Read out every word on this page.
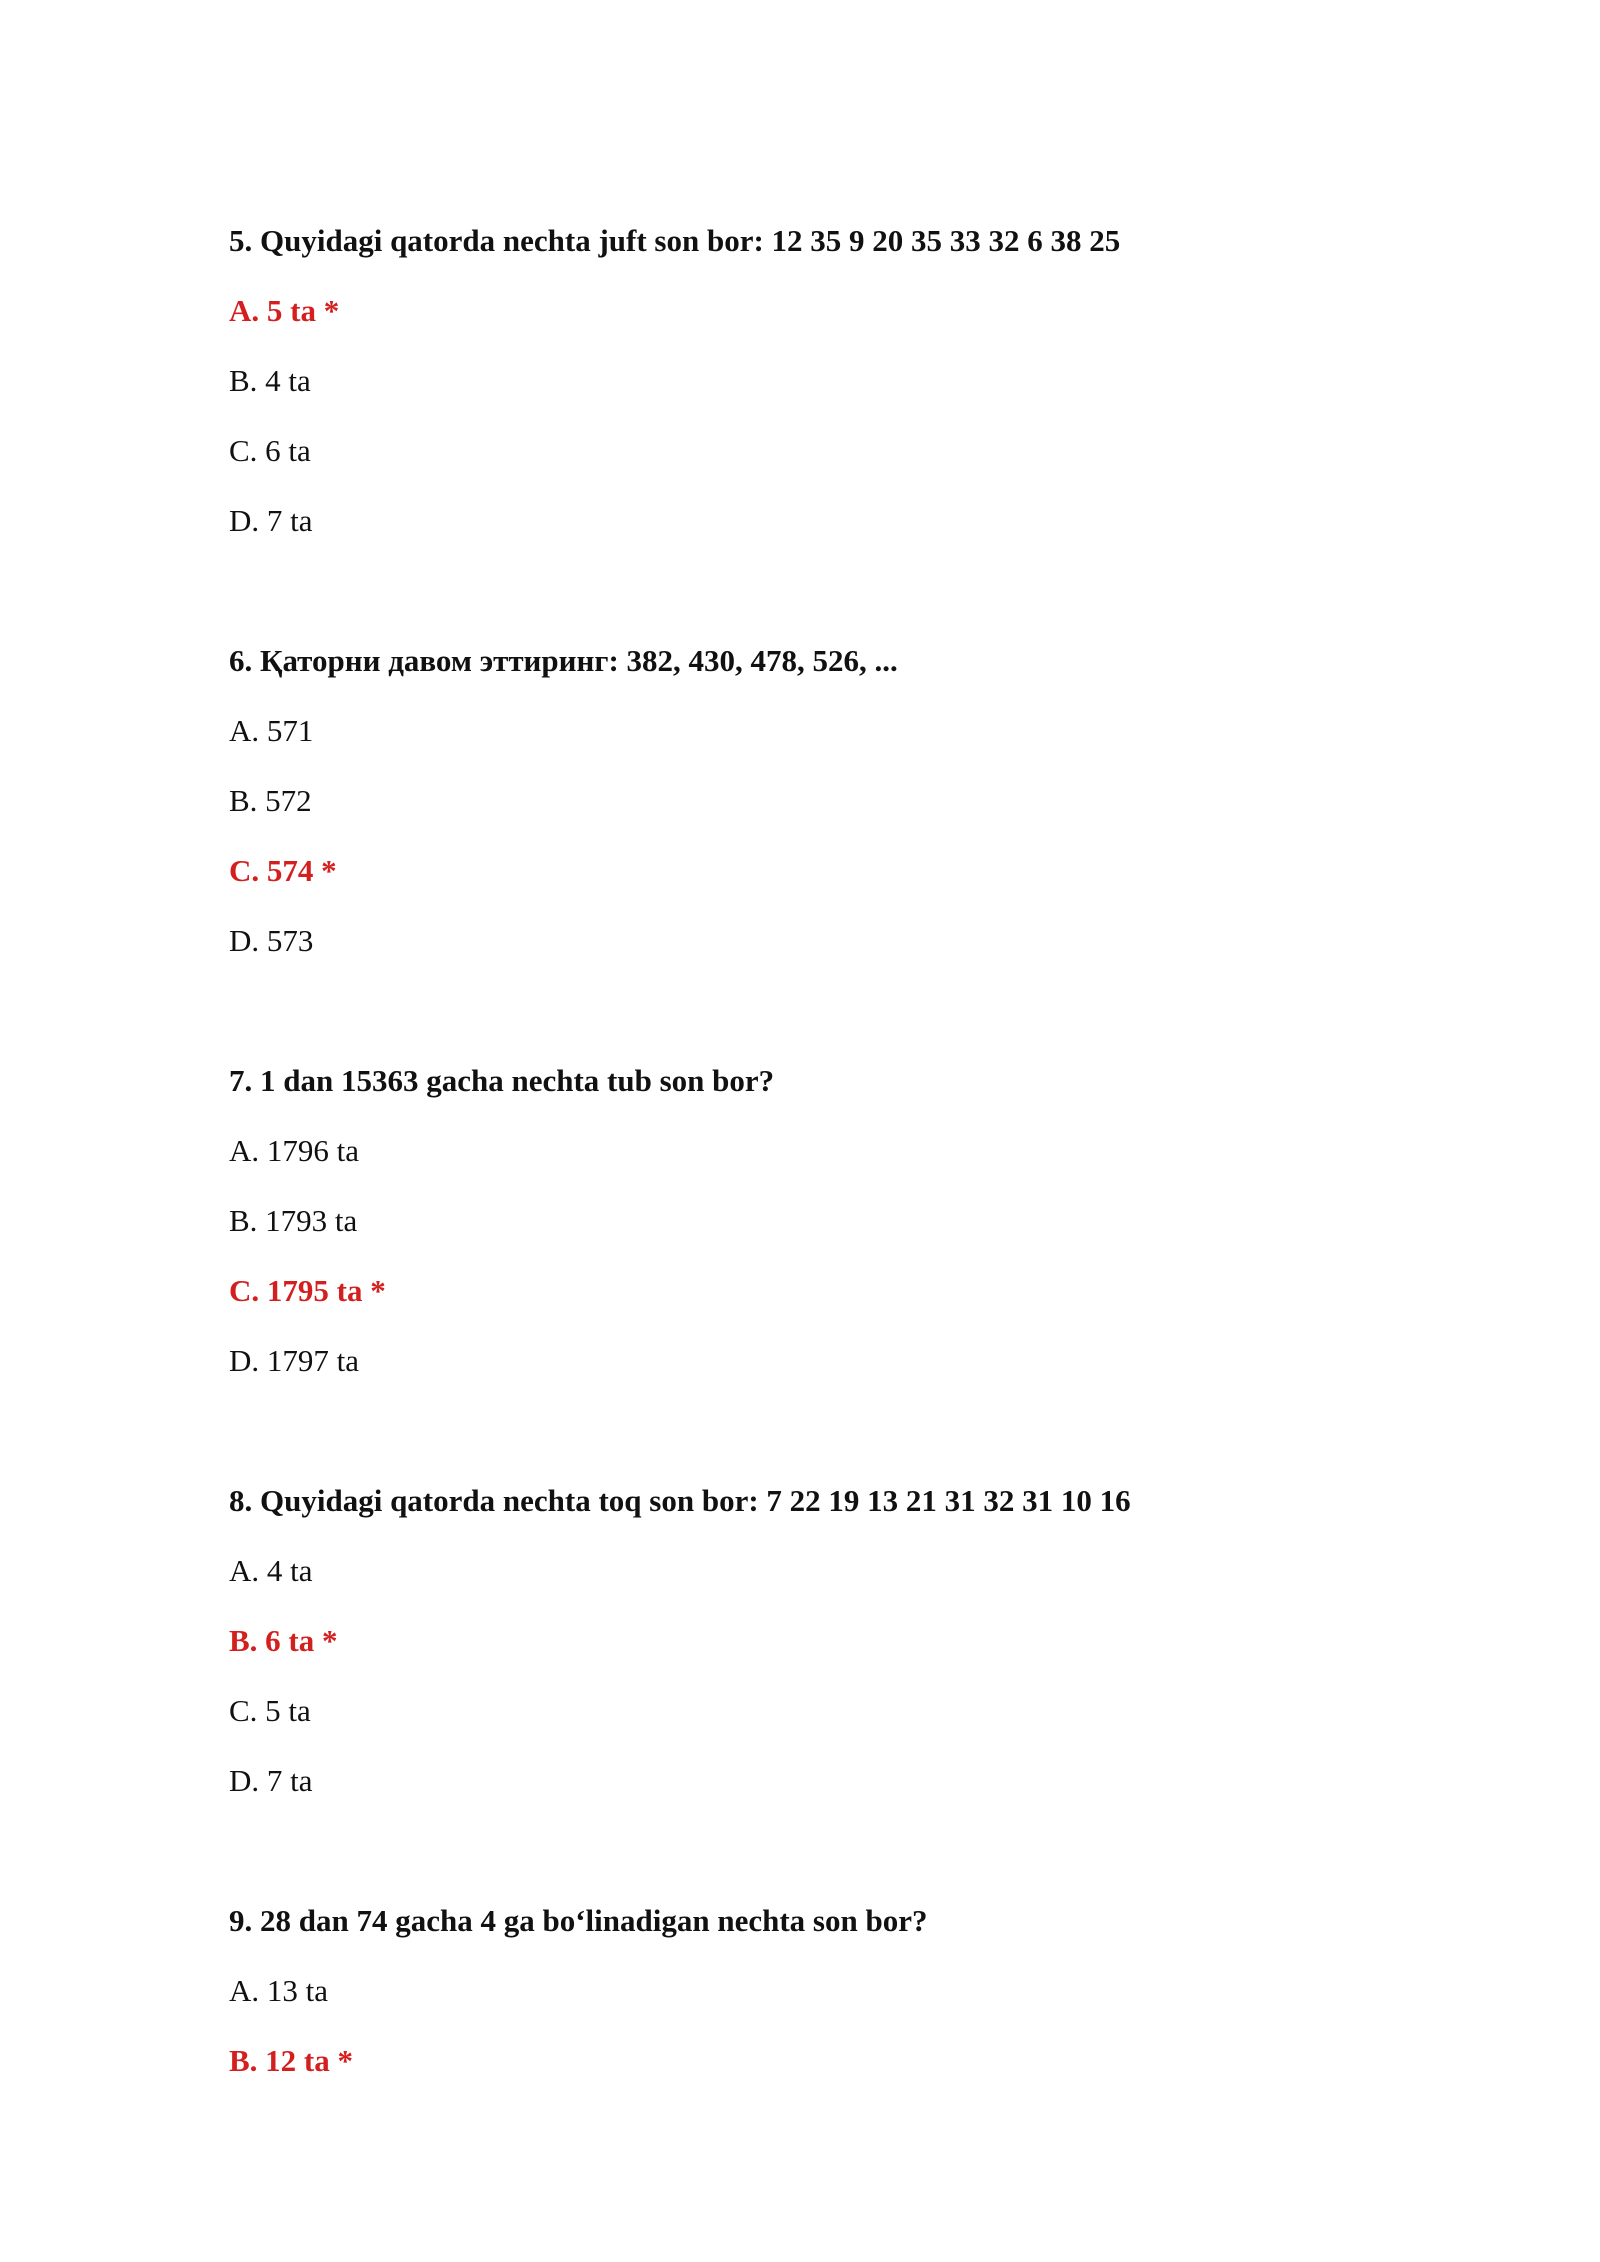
5. Quyidagi qatorda nechta juft son bor: 12 35 9 20 35 33 32 6 38 25

A. 5 ta *
B. 4 ta
C. 6 ta
D. 7 ta

6. Қаторни давом эттиринг: 382, 430, 478, 526, ...

A. 571
B. 572
C. 574 *
D. 573

7. 1 dan 15363 gacha nechta tub son bor?

A. 1796 ta
B. 1793 ta
C. 1795 ta *
D. 1797 ta

8. Quyidagi qatorda nechta toq son bor: 7 22 19 13 21 31 32 31 10 16

A. 4 ta
B. 6 ta *
C. 5 ta
D. 7 ta

9. 28 dan 74 gacha 4 ga bo‘linadigan nechta son bor?

A. 13 ta
B. 12 ta *
